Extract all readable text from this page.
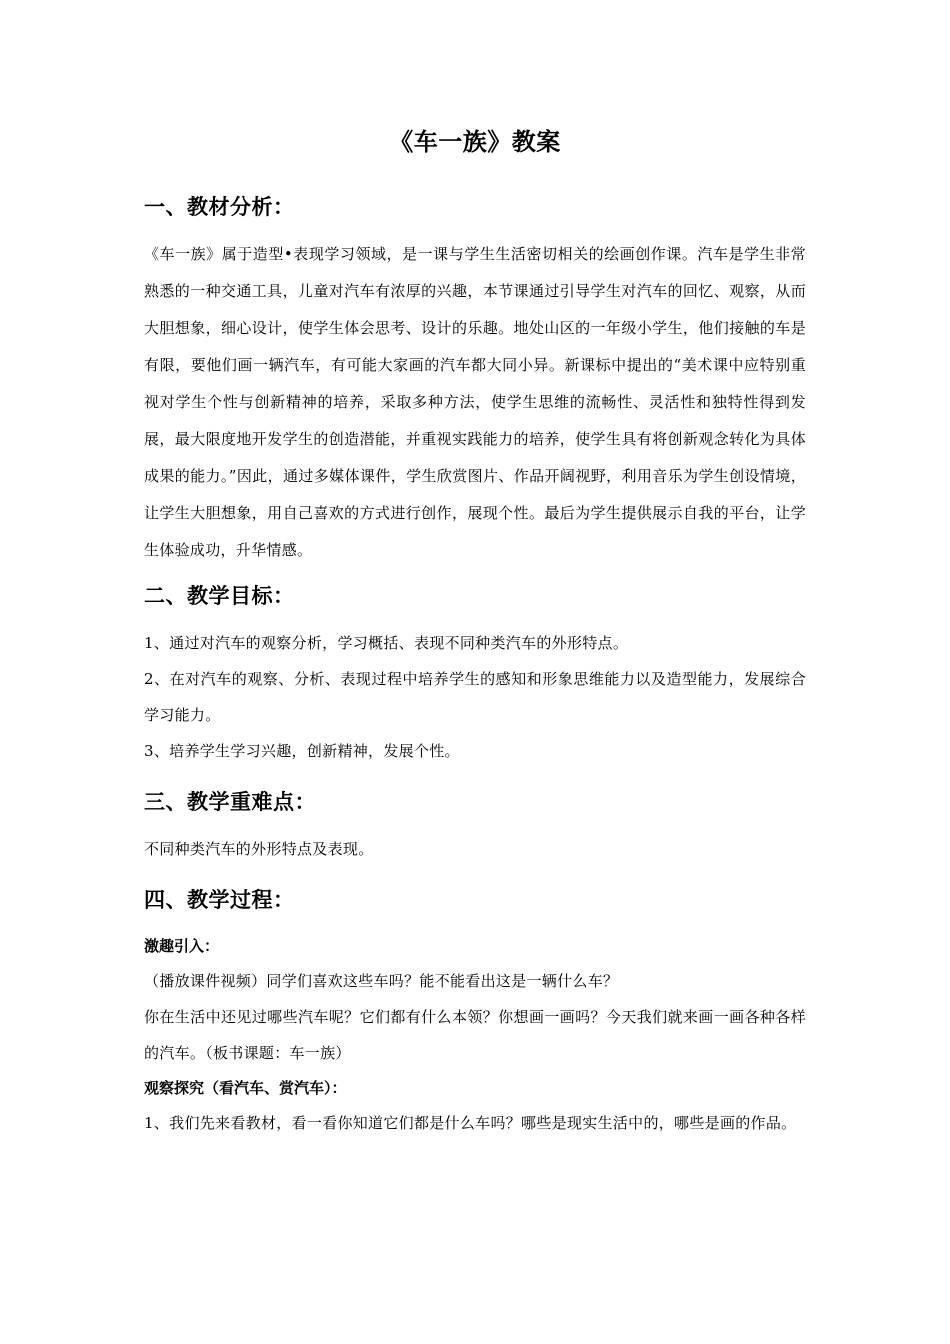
《车一族》教案
一、教材分析：

《车一族》属于造型•表现学习领域，是一课与学生生活密切相关的绘画创作课。汽车是学生非常熟悉的一种交通工具，儿童对汽车有浓厚的兴趣，本节课通过引导学生对汽车的回忆、观察，从而大胆想象，细心设计，使学生体会思考、设计的乐趣。地处山区的一年级小学生，他们接触的车是有限，要他们画一辆汽车，有可能大家画的汽车都大同小异。新课标中提出的“美术课中应特别重视对学生个性与创新精神的培养，采取多种方法，使学生思维的流畅性、灵活性和独特性得到发展，最大限度地开发学生的创造潜能，并重视实践能力的培养，使学生具有将创新观念转化为具体成果的能力。”因此，通过多媒体课件，学生欣赏图片、作品开阔视野，利用音乐为学生创设情境，让学生大胆想象，用自己喜欢的方式进行创作，展现个性。最后为学生提供展示自我的平台，让学生体验成功，升华情感。

二、教学目标：

1、通过对汽车的观察分析，学习概括、表现不同种类汽车的外形特点。

2、在对汽车的观察、分析、表现过程中培养学生的感知和形象思维能力以及造型能力，发展综合学习能力。

3、培养学生学习兴趣，创新精神，发展个性。

三、教学重难点：

不同种类汽车的外形特点及表现。

四、教学过程：

激趣引入：

（播放课件视频）同学们喜欢这些车吗？能不能看出这是一辆什么车？

你在生活中还见过哪些汽车呢？它们都有什么本领？你想画一画吗？今天我们就来画一画各种各样的汽车。（板书课题：车一族）

观察探究（看汽车、赏汽车）：

1、我们先来看教材，看一看你知道它们都是什么车吗？哪些是现实生活中的，哪些是画的作品。
